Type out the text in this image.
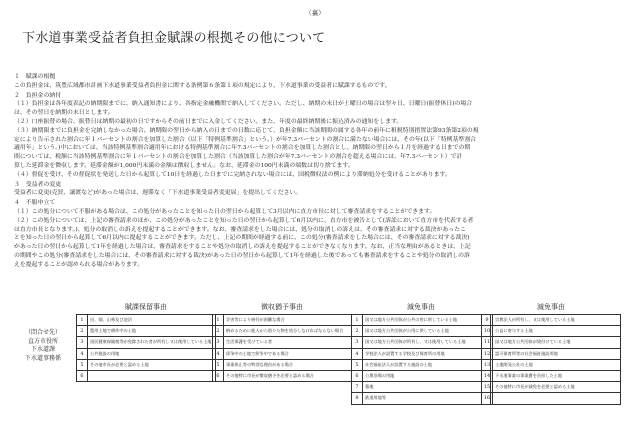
（裏）
下水道事業受益者負担金賦課の根拠その他について

１　賦課の根拠

この負担金は、筑豊広域都市計画下水道事業受益者負担金に関する条例第６条第１項の規定により、下水道事業の受益者に賦課するものです。

２　負担金の納付

（１）負担金は各年度表記の納期限までに、納入通知書により、各指定金融機関で納入してください。ただし、納期の末日が土曜日の場合は翌々日、日曜日(振替休日)の場合

は、その翌日を納期の末日とします。

（２）口座振替の場合、振替日は納期の最初の日ですからその前日までに入金してください。また、年度の最終納期後に振込済みの通知をします。

（３）納期限までに負担金を完納しなかった場合、納期限の翌日から納入の日までの日数に応じて、負担金額に当該期間の属する各年の前年に租税特別措置法第93条第2項の規

定により告示された割合に年１パーセントの割合を加算した割合（以下「特例基準割合」という。）が年7.3パーセントの割合に満たない場合には、その年(以下「特例基準割合

適用年」という。)中においては、当該特例基準割合適用年における特例基準割合に年7.3パーセントの割合を加算した割合とし、納期限の翌日から１月を経過する日までの期

間については、税額に当該特例基準割合に年１パーセントの割合を加算した割合（当該加算した割合が年7.3パーセントの割合を超える場合には、年7.3パーセント）で計

算した延滞金を徴収します。延滞金額が1,000円未満の金額は徴収しません。なお、延滞金の100円未満の端数は切り捨てます。

（４）督促を受け、その督促状を発送した日から起算して10日を経過した日までに完納されない場合には、国税徴収法の例により滞納処分を受けることがあります。

３　受益者の変更

受益者に変更(売買、譲渡など)があった場合は、遅滞なく「下水道事業受益者変更届」を提出してください。

４　不服申立て

（１）この処分について不服がある場合は、この処分があったことを知った日の翌日から起算して3月以内に直方市長に対して審査請求をすることができます。

（２）この処分については、上記の審査請求のほか、この処分があったことを知った日の翌日から起算して6月以内に、直方市を被告として(訴訟において直方市を代表する者

は直方市長となります。)、処分の取消しの訴えを提起することができます。なお、審査請求をした場合には、処分の取消しの訴えは、その審査請求に対する裁決があったこ

とを知った日の翌日から起算して6月以内に提起することができます。ただし、上記の期間が経過する前に、この処分(審査請求をした場合には、その審査請求に対する裁決)

があった日の翌日から起算して1年を経過した場合は、審査請求をすることや処分の取消しの訴えを提起することができなくなります。なお、正当な理由があるときは、上記

の期間やこの処分(審査請求をした場合には、その審査請求に対する裁決)があった日の翌日から起算して1年を経過した後であっても審査請求をすることや処分の取消しの訴

えを提起することが認められる場合があります。

（問合せ先）
直方市役所
下水道課
下水道事務係
賦課保留事由
1	田、畑、山林及び池沼
2	農用土地で耕作中の土地
3	国民健康保険税等が免除された者が所有し又は使用している土地
4	公共施設の用地
5	その他市長が必要と認める土地
6	
徴収猶予事由
1	災害等により納付が困難な場合
2	納めるために他人から借りた物を処分しなければならない場合
3	生活保護を受けている者
4	係争中の土地で紛争中である場合
5	事業休止等の特別な理由がある場合
6	その他特に市長が徴収猶予を必要と認める場合
減免事由
1	国又は地方公共団体が公共の用に供している土地
2	国又は地方公共団体が公用に供している土地
3	国又は地方公共団体が所有し、又は使用している土地
4	学校法人が設置する学校及び保育所の用地
5	社会福祉法人が設置する施設の土地
6	公衆浴場の用地
7	墓地
8	鉄道用地等
減免事由
9	宗教法人が所有し、又は使用している土地
10	公益に寄与する土地
11	国又は地方公共団体が貸付けている土地
12	認可保育所等の社会福祉施設用地
13	土地開発公社の土地
14	下水道事業の事業費を負担した土地
15	その他特に市長が減免を必要と認める土地
16	
